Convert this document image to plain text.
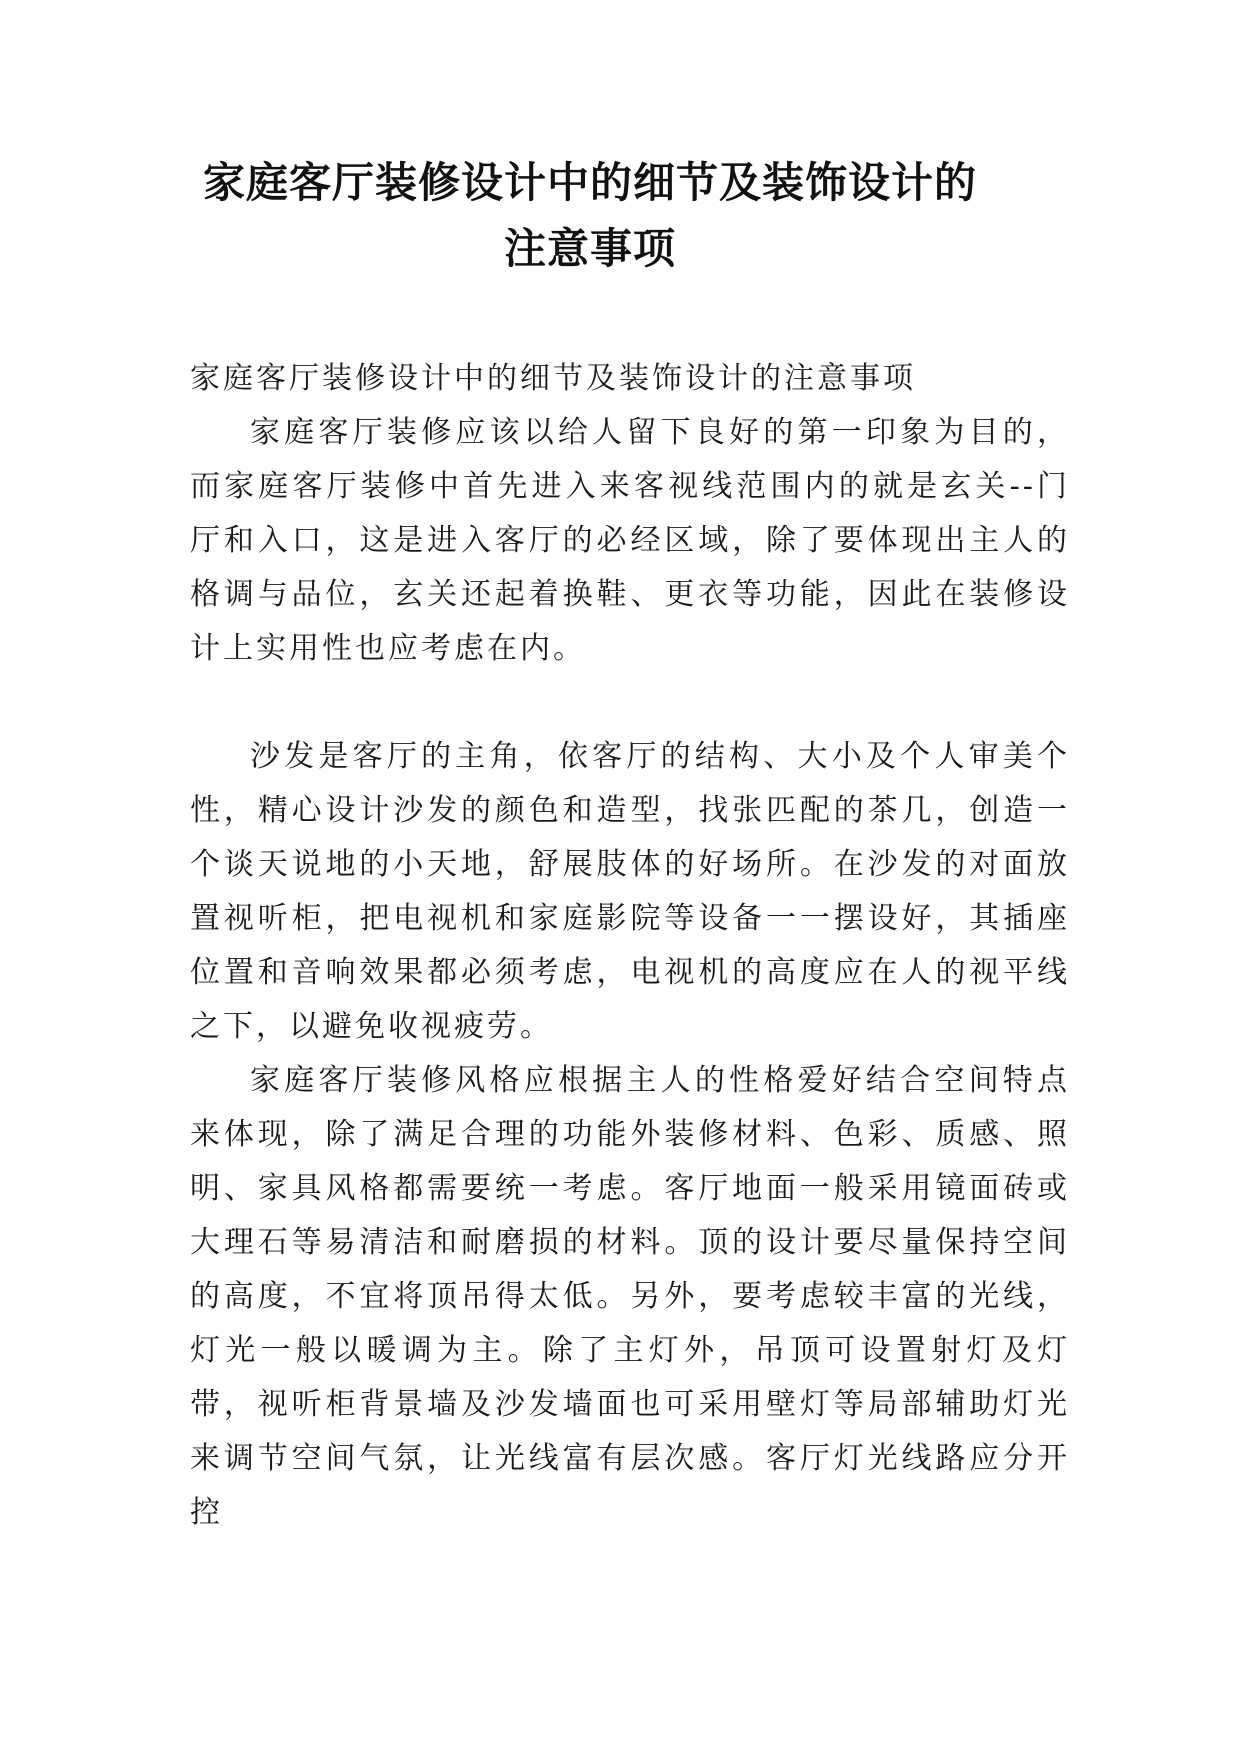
家庭客厅装修设计中的细节及装饰设计的
注意事项

家庭客厅装修设计中的细节及装饰设计的注意事项

家庭客厅装修应该以给人留下良好的第一印象为目的，而家庭客厅装修中首先进入来客视线范围内的就是玄关--门厅和入口，这是进入客厅的必经区域，除了要体现出主人的格调与品位，玄关还起着换鞋、更衣等功能，因此在装修设计上实用性也应考虑在内。

沙发是客厅的主角，依客厅的结构、大小及个人审美个性，精心设计沙发的颜色和造型，找张匹配的茶几，创造一个谈天说地的小天地，舒展肢体的好场所。在沙发的对面放置视听柜，把电视机和家庭影院等设备一一摆设好，其插座位置和音响效果都必须考虑，电视机的高度应在人的视平线之下，以避免收视疲劳。

家庭客厅装修风格应根据主人的性格爱好结合空间特点来体现，除了满足合理的功能外装修材料、色彩、质感、照明、家具风格都需要统一考虑。客厅地面一般采用镜面砖或大理石等易清洁和耐磨损的材料。顶的设计要尽量保持空间的高度，不宜将顶吊得太低。另外，要考虑较丰富的光线，灯光一般以暖调为主。除了主灯外，吊顶可设置射灯及灯带，视听柜背景墙及沙发墙面也可采用壁灯等局部辅助灯光来调节空间气氛，让光线富有层次感。客厅灯光线路应分开控
